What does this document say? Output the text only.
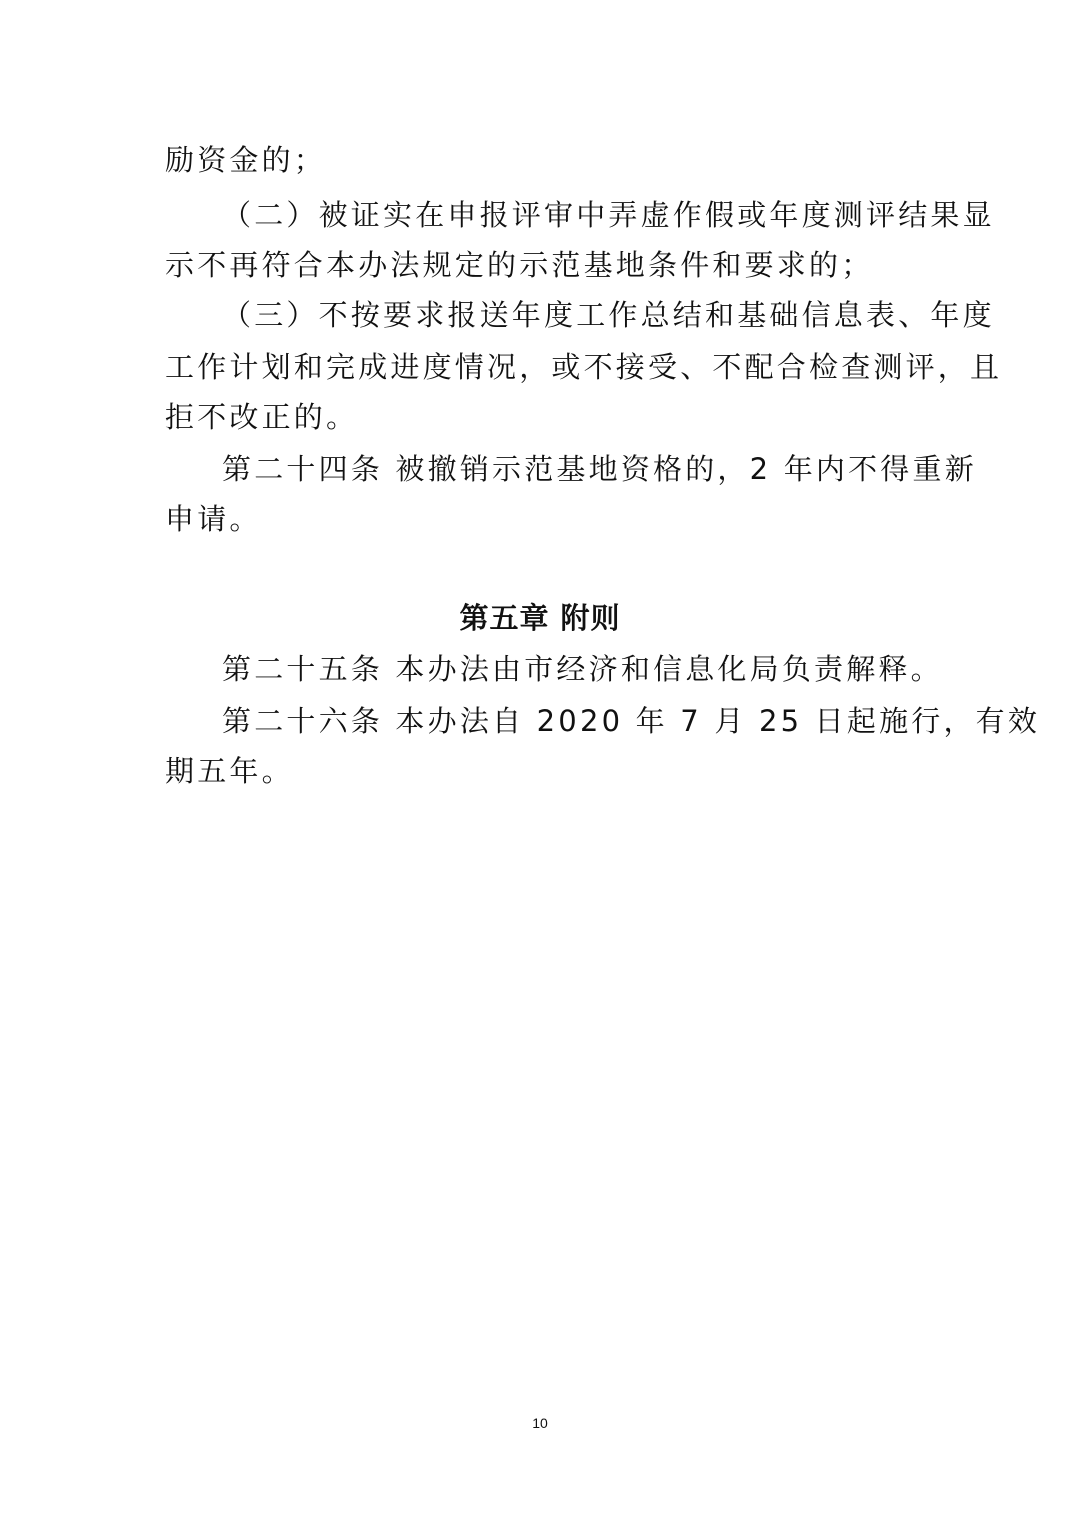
励资金的；
（二）被证实在申报评审中弄虚作假或年度测评结果显
示不再符合本办法规定的示范基地条件和要求的；
（三）不按要求报送年度工作总结和基础信息表、年度
工作计划和完成进度情况，或不接受、不配合检查测评，且
拒不改正的。
第二十四条 被撤销示范基地资格的，2 年内不得重新
申请。
第五章 附则
第二十五条 本办法由市经济和信息化局负责解释。
第二十六条 本办法自 2020 年 7 月 25 日起施行，有效
期五年。
10
